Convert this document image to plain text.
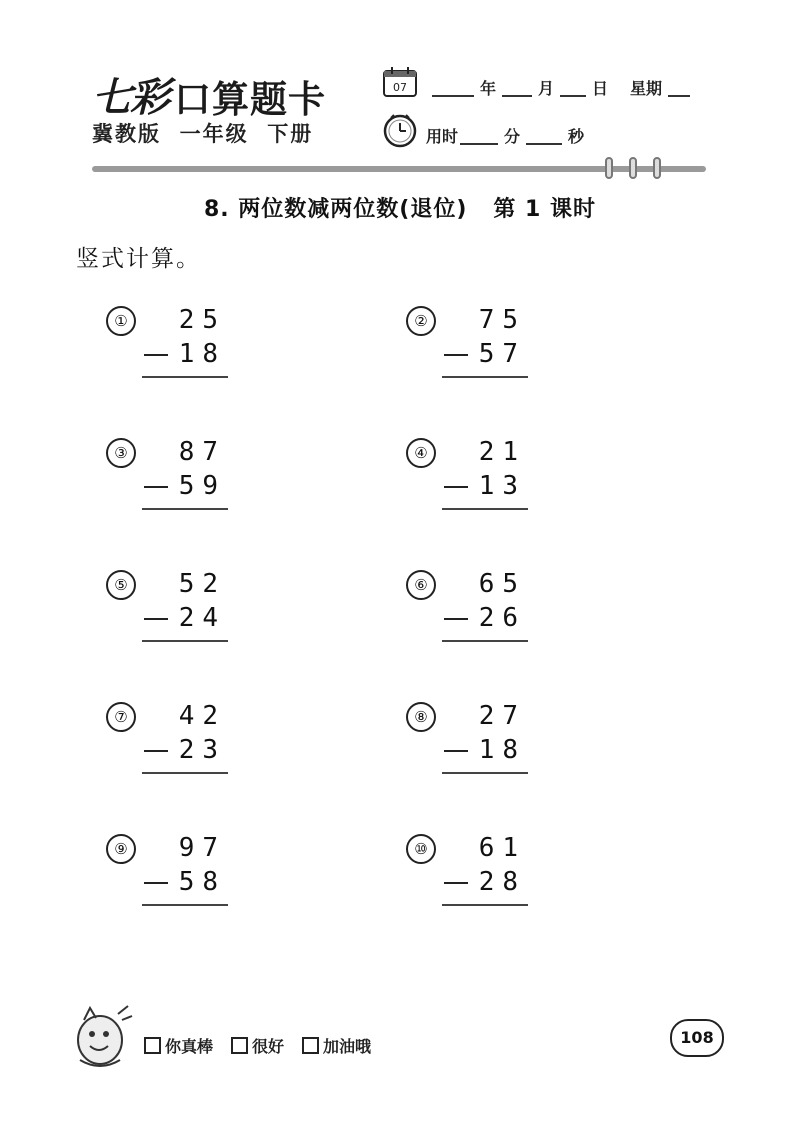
七彩 口算题卡
冀教版  一年级  下册
07	年	月 日 星期
用时	分	秒
8. 两位数减两位数(退位)   第 1 课时
竖式计算。
①	25
18
②	75
57
③	87
59
④	21
13
⑤	52
24
⑥	65
26
⑦	42
23
⑧	27
18
⑨	97
58
⑩	61
28
你真棒 很好 加油哦	108
